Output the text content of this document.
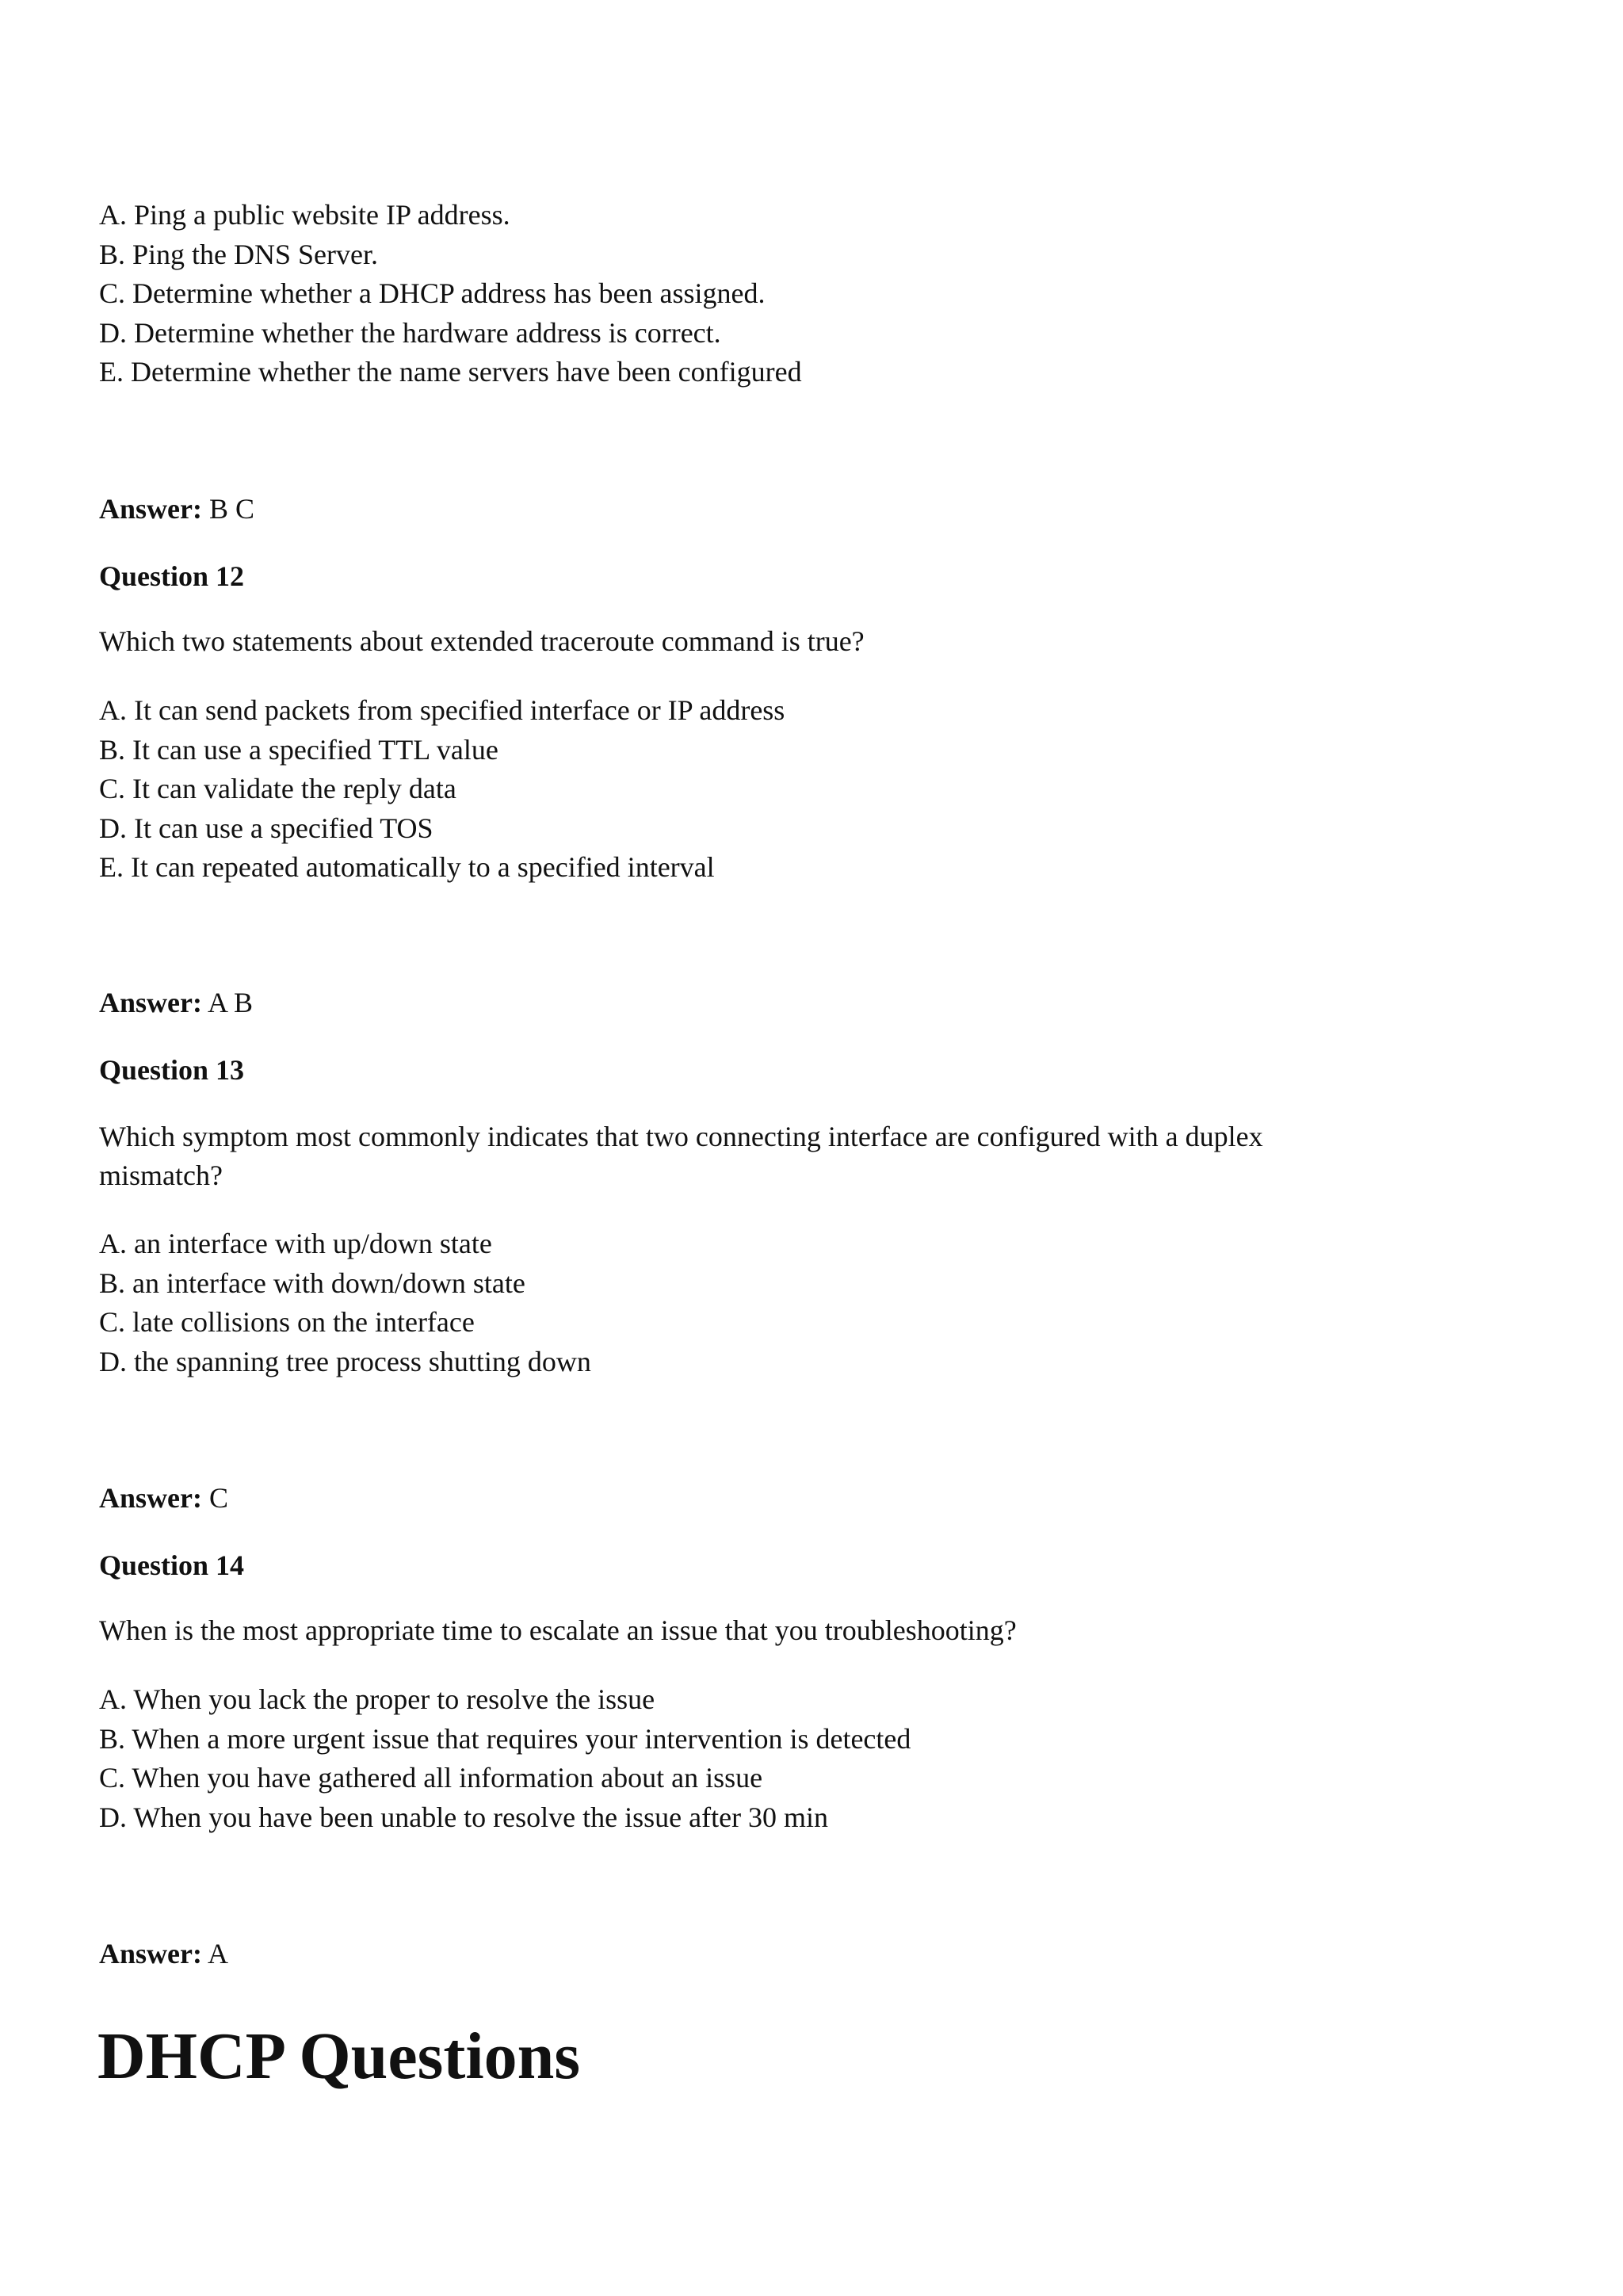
A. Ping a public website IP address.
B. Ping the DNS Server.
C. Determine whether a DHCP address has been assigned.
D. Determine whether the hardware address is correct.
E. Determine whether the name servers have been configured
Answer: B C
Question 12
Which two statements about extended traceroute command is true?
A. It can send packets from specified interface or IP address
B. It can use a specified TTL value
C. It can validate the reply data
D. It can use a specified TOS
E. It can repeated automatically to a specified interval
Answer: A B
Question 13
Which symptom most commonly indicates that two connecting interface are configured with a duplex mismatch?
A. an interface with up/down state
B. an interface with down/down state
C. late collisions on the interface
D. the spanning tree process shutting down
Answer: C
Question 14
When is the most appropriate time to escalate an issue that you troubleshooting?
A. When you lack the proper to resolve the issue
B. When a more urgent issue that requires your intervention is detected
C. When you have gathered all information about an issue
D. When you have been unable to resolve the issue after 30 min
Answer: A
DHCP Questions
